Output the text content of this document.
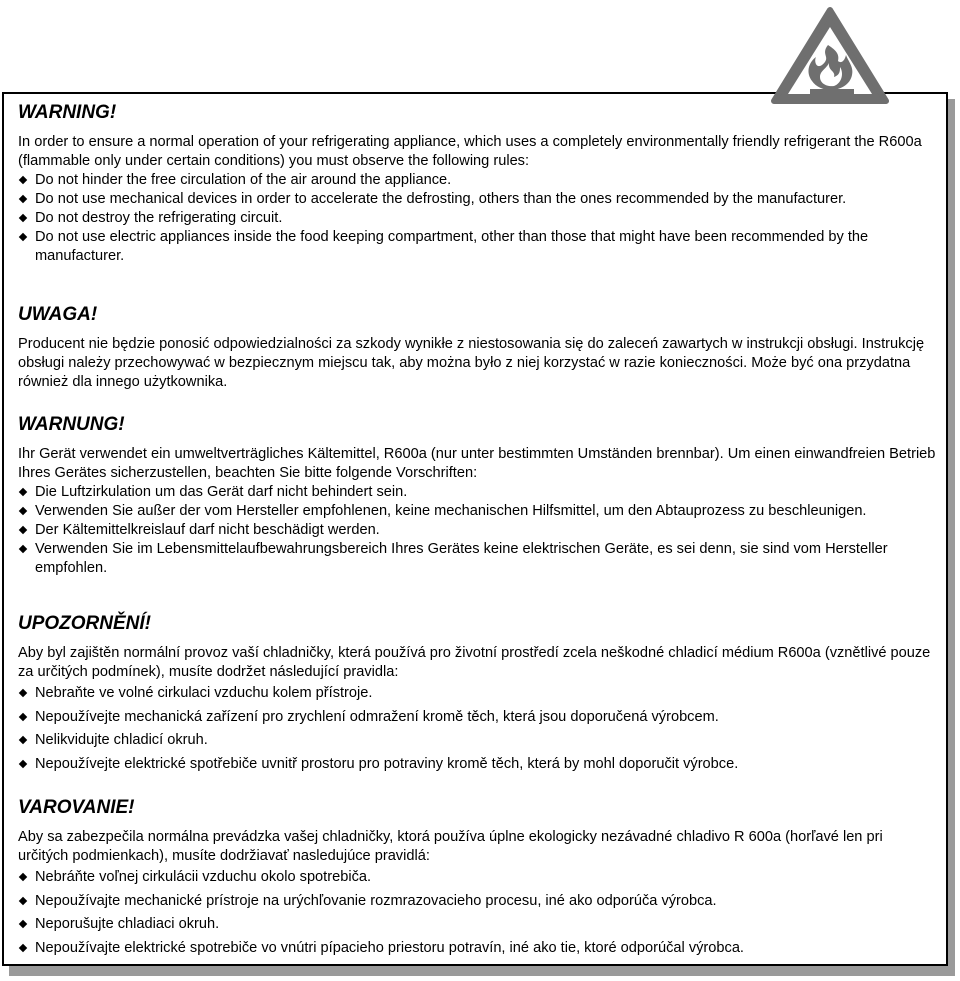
WARNING!

In order to ensure a normal operation of your refrigerating appliance, which uses a completely environmentally friendly refrigerant the R600a (flammable only under certain conditions) you must observe the following rules:

Do not hinder the free circulation of the air around the appliance.
Do not use mechanical devices in order to accelerate the defrosting, others than the ones recommended by the manufacturer.
Do not destroy the refrigerating circuit.
Do not use electric appliances inside the food keeping compartment, other than those that might have been recommended by the manufacturer.
UWAGA!

Producent nie będzie ponosić odpowiedzialności za szkody wynikłe z niestosowania się do zaleceń zawartych w instrukcji obsługi. Instrukcję obsługi należy przechowywać w bezpiecznym miejscu tak, aby można było z niej korzystać w razie konieczności. Może być ona przydatna również dla innego użytkownika.

WARNUNG!

Ihr Gerät verwendet ein umweltverträgliches Kältemittel, R600a (nur unter bestimmten Umständen brennbar). Um einen einwandfreien Betrieb Ihres Gerätes sicherzustellen, beachten Sie bitte folgende Vorschriften:

Die Luftzirkulation um das Gerät darf nicht behindert sein.
Verwenden Sie außer der vom Hersteller empfohlenen, keine mechanischen Hilfsmittel, um den Abtauprozess zu beschleunigen.
Der Kältemittelkreislauf darf nicht beschädigt werden.
Verwenden Sie im Lebensmittelaufbewahrungsbereich Ihres Gerätes keine elektrischen Geräte, es sei denn, sie sind vom Hersteller empfohlen.
UPOZORNĚNÍ!

Aby byl zajištěn normální provoz vaší chladničky, která používá pro životní prostředí zcela neškodné chladicí médium R600a (vznětlivé pouze za určitých podmínek), musíte dodržet následující pravidla:

Nebraňte ve volné cirkulaci vzduchu kolem přístroje.
Nepoužívejte mechanická zařízení pro zrychlení odmražení kromě těch, která jsou doporučená výrobcem.
Nelikvidujte chladicí okruh.
Nepoužívejte elektrické spotřebiče uvnitř prostoru pro potraviny kromě těch, která by mohl doporučit výrobce.
VAROVANIE!

Aby sa zabezpečila normálna prevádzka vašej chladničky, ktorá používa úplne ekologicky nezávadné chladivo R 600a (horľavé len pri určitých podmienkach), musíte dodržiavať nasledujúce pravidlá:

Nebráňte voľnej cirkulácii vzduchu okolo spotrebiča.
Nepoužívajte mechanické prístroje na urýchľovanie rozmrazovacieho procesu, iné ako odporúča výrobca.
Neporušujte chladiaci okruh.
Nepoužívajte elektrické spotrebiče vo vnútri pípacieho priestoru potravín, iné ako tie, ktoré odporúčal výrobca.
